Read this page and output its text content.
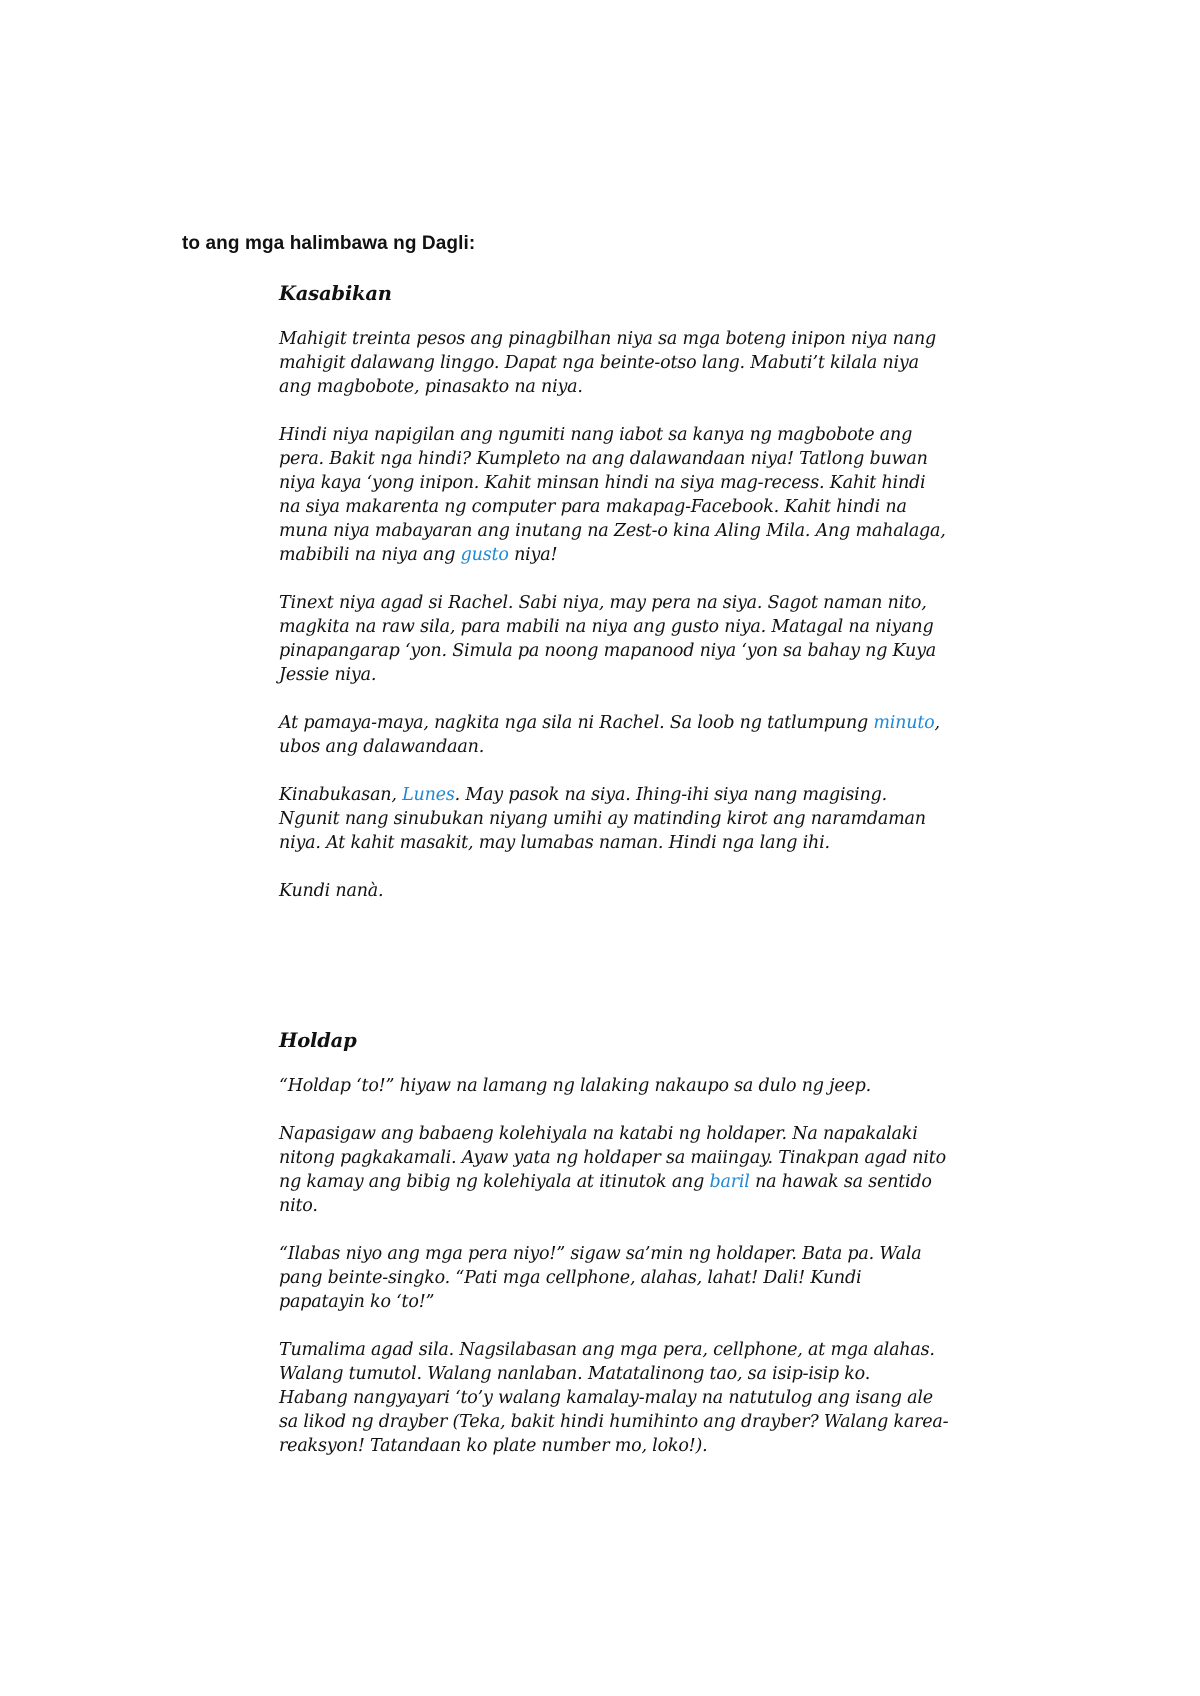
to ang mga halimbawa ng Dagli:
Kasabikan

Mahigit treinta pesos ang pinagbilhan niya sa mga boteng inipon niya nang mahigit dalawang linggo. Dapat nga beinte-otso lang. Mabuti’t kilala niya ang magbobote, pinasakto na niya.

Hindi niya napigilan ang ngumiti nang iabot sa kanya ng magbobote ang pera. Bakit nga hindi? Kumpleto na ang dalawandaan niya! Tatlong buwan niya kaya ‘yong inipon. Kahit minsan hindi na siya mag-recess. Kahit hindi na siya makarenta ng computer para makapag-Facebook. Kahit hindi na muna niya mabayaran ang inutang na Zest-o kina Aling Mila. Ang mahalaga, mabibili na niya ang gusto niya!

Tinext niya agad si Rachel. Sabi niya, may pera na siya. Sagot naman nito, magkita na raw sila, para mabili na niya ang gusto niya. Matagal na niyang pinapangarap ‘yon. Simula pa noong mapanood niya ‘yon sa bahay ng Kuya Jessie niya.

At pamaya-maya, nagkita nga sila ni Rachel. Sa loob ng tatlumpung minuto, ubos ang dalawandaan.

Kinabukasan, Lunes. May pasok na siya. Ihing-ihi siya nang magising. Ngunit nang sinubukan niyang umihi ay matinding kirot ang naramdaman niya. At kahit masakit, may lumabas naman. Hindi nga lang ihi.

Kundi nanà.

Holdap

“Holdap ‘to!” hiyaw na lamang ng lalaking nakaupo sa dulo ng jeep.

Napasigaw ang babaeng kolehiyala na katabi ng holdaper. Na napakalaki nitong pagkakamali. Ayaw yata ng holdaper sa maiingay. Tinakpan agad nito ng kamay ang bibig ng kolehiyala at itinutok ang baril na hawak sa sentido nito.

“Ilabas niyo ang mga pera niyo!” sigaw sa’min ng holdaper. Bata pa. Wala pang beinte-singko. “Pati mga cellphone, alahas, lahat! Dali! Kundi papatayin ko ‘to!”

Tumalima agad sila. Nagsilabasan ang mga pera, cellphone, at mga alahas. Walang tumutol. Walang nanlaban. Matatalinong tao, sa isip-isip ko.

Habang nangyayari ‘to’y walang kamalay-malay na natutulog ang isang ale sa likod ng drayber (Teka, bakit hindi humihinto ang drayber? Walang karea-reaksyon! Tatandaan ko plate number mo, loko!).
